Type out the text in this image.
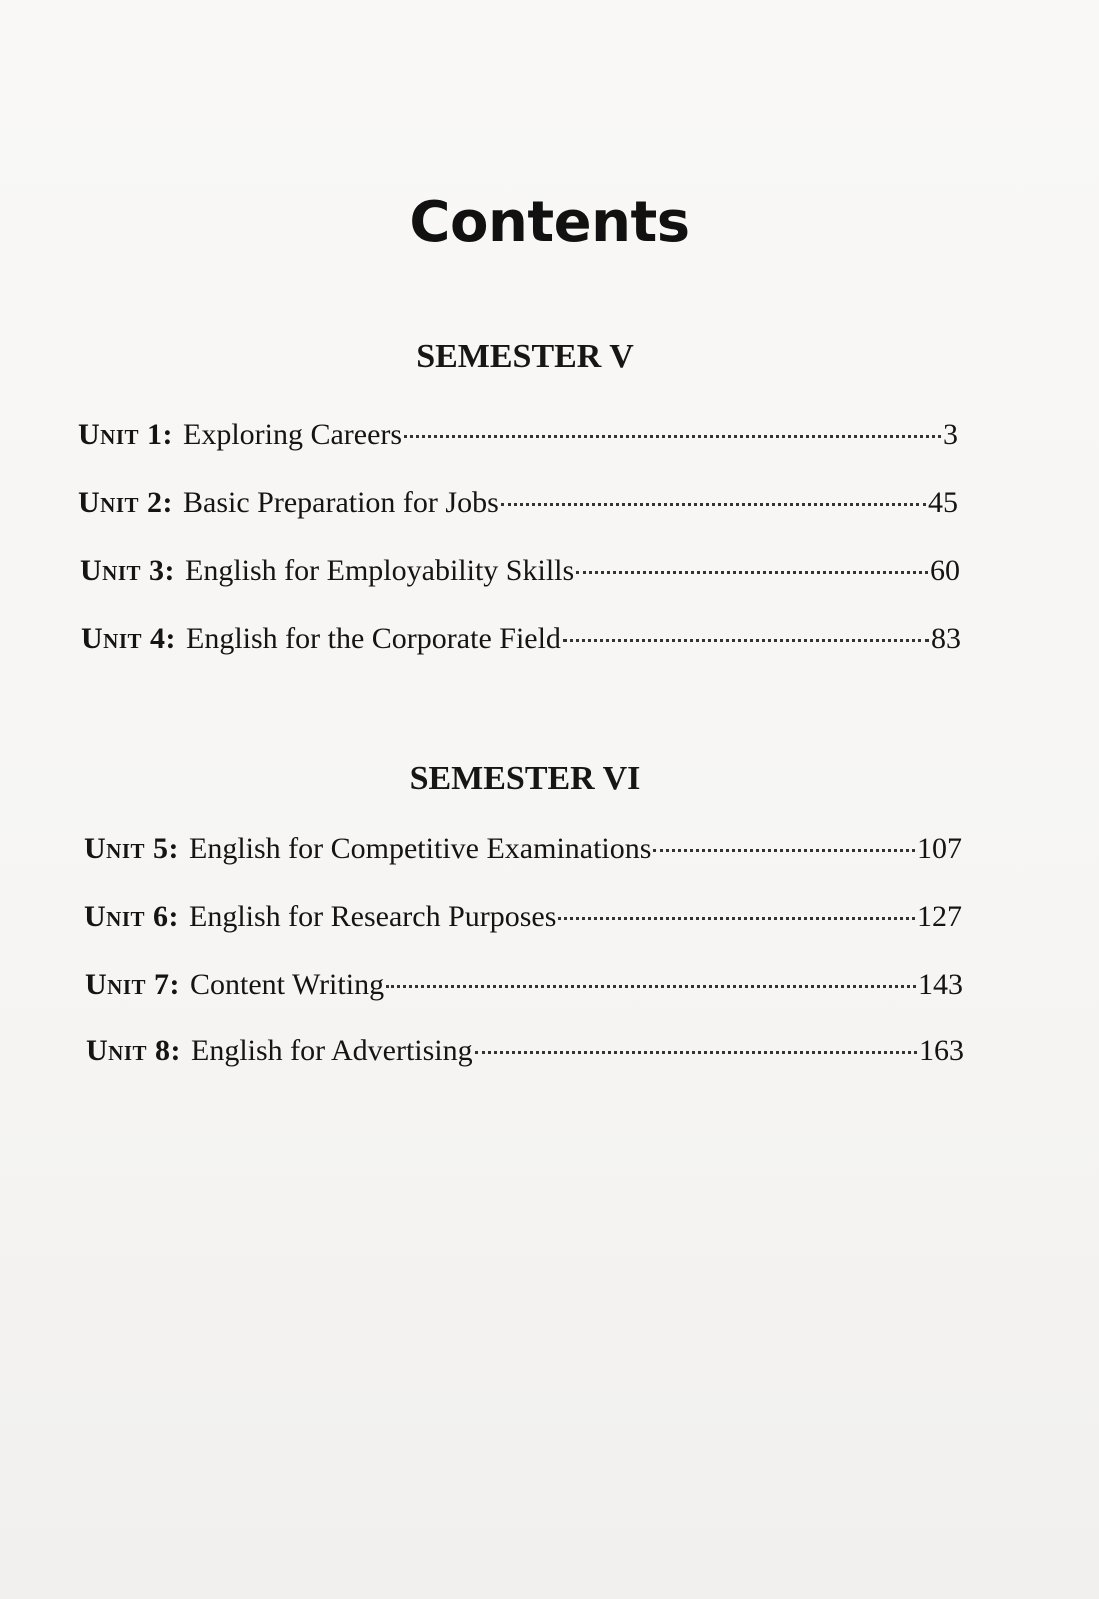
Contents
SEMESTER V
Unit 1: Exploring Careers	3
Unit 2: Basic Preparation for Jobs	45
Unit 3: English for Employability Skills	60
Unit 4: English for the Corporate Field	83
SEMESTER VI
Unit 5: English for Competitive Examinations	107
Unit 6: English for Research Purposes	127
Unit 7: Content Writing	143
Unit 8: English for Advertising	163
